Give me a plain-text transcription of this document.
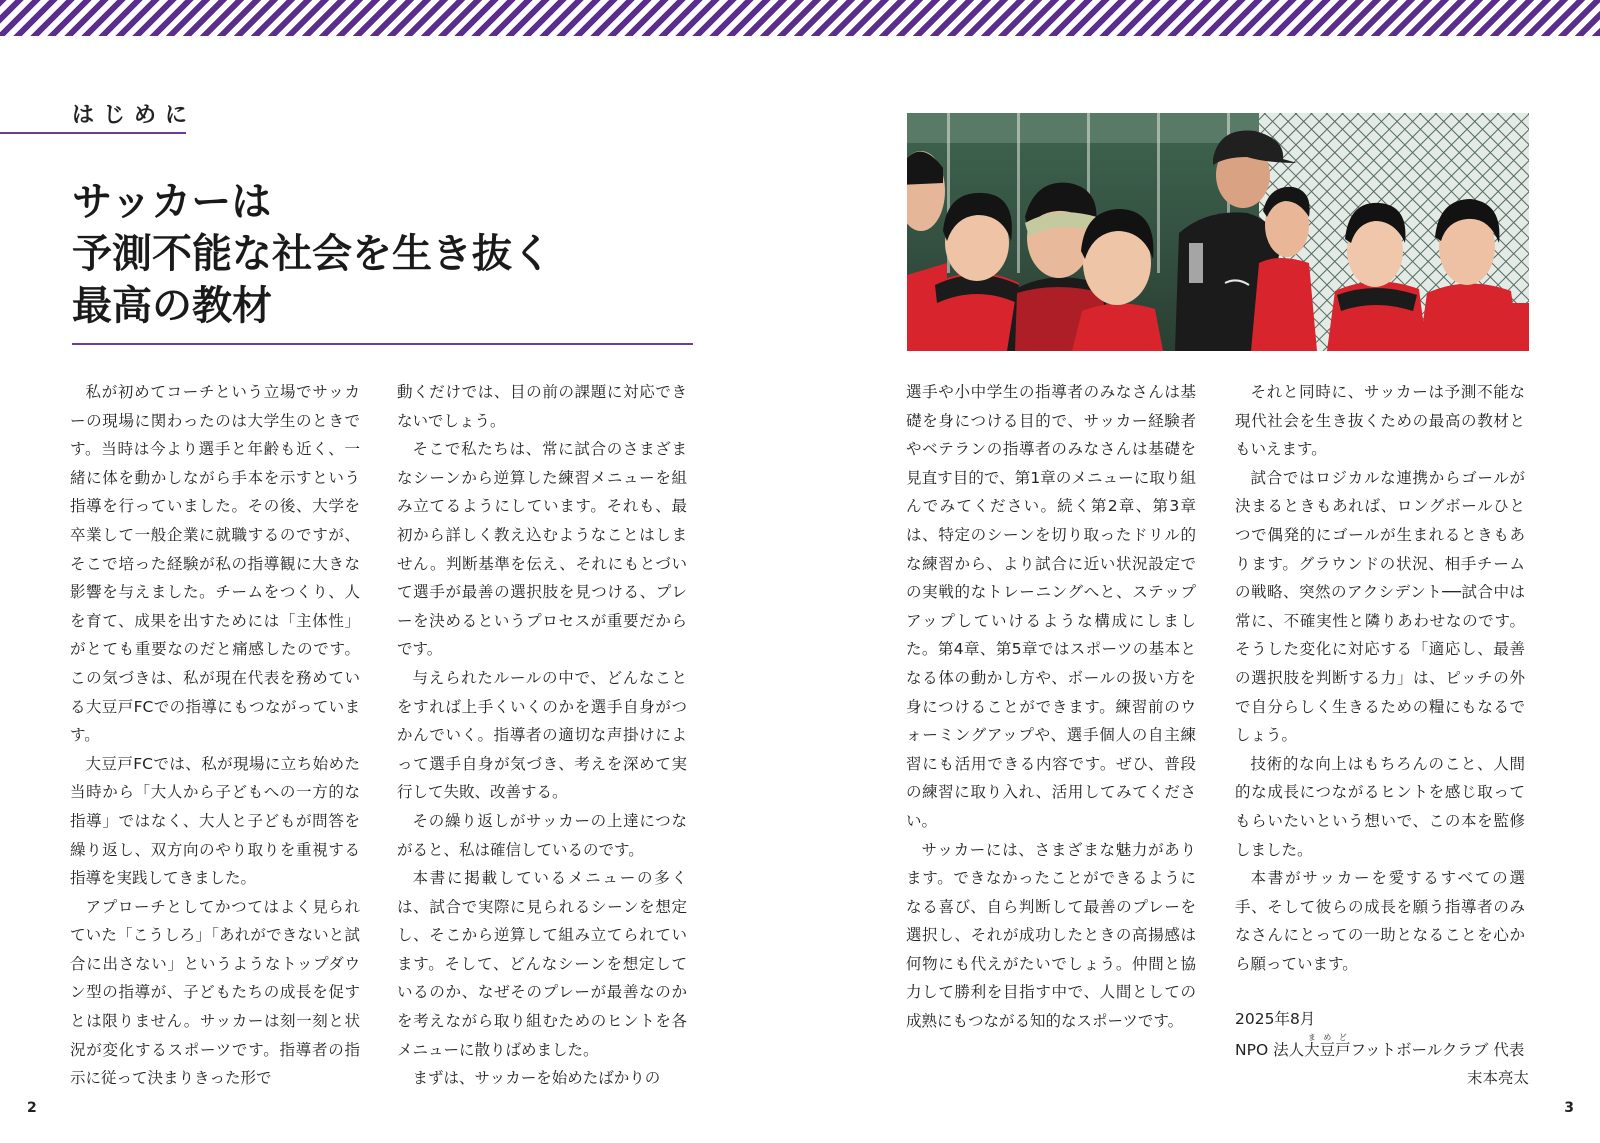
はじめに
サッカーは
予測不能な社会を生き抜く
最高の教材

私が初めてコーチという立場でサッカーの現場に関わったのは大学生のときです。当時は今より選手と年齢も近く、一緒に体を動かしながら手本を示すという指導を行っていました。その後、大学を卒業して一般企業に就職するのですが、そこで培った経験が私の指導観に大きな影響を与えました。チームをつくり、人を育て、成果を出すためには「主体性」がとても重要なのだと痛感したのです。この気づきは、私が現在代表を務めている大豆戸FCでの指導にもつながっています。

大豆戸FCでは、私が現場に立ち始めた当時から「大人から子どもへの一方的な指導」ではなく、大人と子どもが問答を繰り返し、双方向のやり取りを重視する指導を実践してきました。

アプローチとしてかつてはよく見られていた「こうしろ」「あれができないと試合に出さない」というようなトップダウン型の指導が、子どもたちの成長を促すとは限りません。サッカーは刻一刻と状況が変化するスポーツです。指導者の指示に従って決まりきった形で

動くだけでは、目の前の課題に対応できないでしょう。

そこで私たちは、常に試合のさまざまなシーンから逆算した練習メニューを組み立てるようにしています。それも、最初から詳しく教え込むようなことはしません。判断基準を伝え、それにもとづいて選手が最善の選択肢を見つける、プレーを決めるというプロセスが重要だからです。

与えられたルールの中で、どんなことをすれば上手くいくのかを選手自身がつかんでいく。指導者の適切な声掛けによって選手自身が気づき、考えを深めて実行して失敗、改善する。

その繰り返しがサッカーの上達につながると、私は確信しているのです。

本書に掲載しているメニューの多くは、試合で実際に見られるシーンを想定し、そこから逆算して組み立てられています。そして、どんなシーンを想定しているのか、なぜそのプレーが最善なのかを考えながら取り組むためのヒントを各メニューに散りばめました。

まずは、サッカーを始めたばかりの

2

選手や小中学生の指導者のみなさんは基礎を身につける目的で、サッカー経験者やベテランの指導者のみなさんは基礎を見直す目的で、第1章のメニューに取り組んでみてください。続く第2章、第3章は、特定のシーンを切り取ったドリル的な練習から、より試合に近い状況設定での実戦的なトレーニングへと、ステップアップしていけるような構成にしました。第4章、第5章ではスポーツの基本となる体の動かし方や、ボールの扱い方を身につけることができます。練習前のウォーミングアップや、選手個人の自主練習にも活用できる内容です。ぜひ、普段の練習に取り入れ、活用してみてください。

サッカーには、さまざまな魅力があります。できなかったことができるようになる喜び、自ら判断して最善のプレーを選択し、それが成功したときの高揚感は何物にも代えがたいでしょう。仲間と協力して勝利を目指す中で、人間としての成熟にもつながる知的なスポーツです。

それと同時に、サッカーは予測不能な現代社会を生き抜くための最高の教材ともいえます。

試合ではロジカルな連携からゴールが決まるときもあれば、ロングボールひとつで偶発的にゴールが生まれるときもあります。グラウンドの状況、相手チームの戦略、突然のアクシデント──試合中は常に、不確実性と隣りあわせなのです。そうした変化に対応する「適応し、最善の選択肢を判断する力」は、ピッチの外で自分らしく生きるための糧にもなるでしょう。

技術的な向上はもちろんのこと、人間的な成長につながるヒントを感じ取ってもらいたいという想いで、この本を監修しました。

本書がサッカーを愛するすべての選手、そして彼らの成長を願う指導者のみなさんにとっての一助となることを心から願っています。

2025年8月
NPO 法人大豆戸まめどフットボールクラブ 代表
末本亮太
3
